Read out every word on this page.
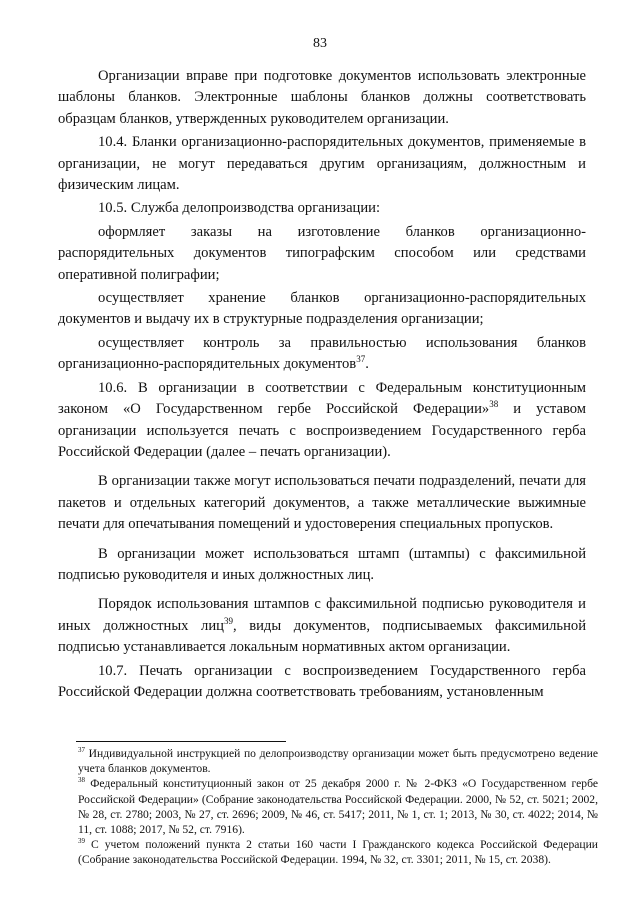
83

Организации вправе при подготовке документов использовать электронные шаблоны бланков. Электронные шаблоны бланков должны соответствовать образцам бланков, утвержденных руководителем организации.

10.4. Бланки организационно-распорядительных документов, применяемые в организации, не могут передаваться другим организациям, должностным и физическим лицам.

10.5. Служба делопроизводства организации:

оформляет заказы на изготовление бланков организационно-распорядительных документов типографским способом или средствами оперативной полиграфии;

осуществляет хранение бланков организационно-распорядительных документов и выдачу их в структурные подразделения организации;

осуществляет контроль за правильностью использования бланков организационно-распорядительных документов$^{37}$.

10.6. В организации в соответствии с Федеральным конституционным законом «О Государственном гербе Российской Федерации»$^{38}$ и уставом организации используется печать с воспроизведением Государственного герба Российской Федерации (далее – печать организации).

В организации также могут использоваться печати подразделений, печати для пакетов и отдельных категорий документов, а также металлические выжимные печати для опечатывания помещений и удостоверения специальных пропусков.

В организации может использоваться штамп (штампы) с факсимильной подписью руководителя и иных должностных лиц.

Порядок использования штампов с факсимильной подписью руководителя и иных должностных лиц$^{39}$, виды документов, подписываемых факсимильной подписью устанавливается локальным нормативных актом организации.

10.7. Печать организации с воспроизведением Государственного герба Российской Федерации должна соответствовать требованиям, установленным

$^{37}$ Индивидуальной инструкцией по делопроизводству организации может быть предусмотрено ведение учета бланков документов.

$^{38}$ Федеральный конституционный закон от 25 декабря 2000 г. № 2-ФКЗ «О Государственном гербе Российской Федерации» (Собрание законодательства Российской Федерации. 2000, № 52, ст. 5021; 2002, № 28, ст. 2780; 2003, № 27, ст. 2696; 2009, № 46, ст. 5417; 2011, № 1, ст. 1; 2013, № 30, ст. 4022; 2014, № 11, ст. 1088; 2017, № 52, ст. 7916).

$^{39}$ С учетом положений пункта 2 статьи 160 части I Гражданского кодекса Российской Федерации (Собрание законодательства Российской Федерации. 1994, № 32, ст. 3301; 2011, № 15, ст. 2038).
